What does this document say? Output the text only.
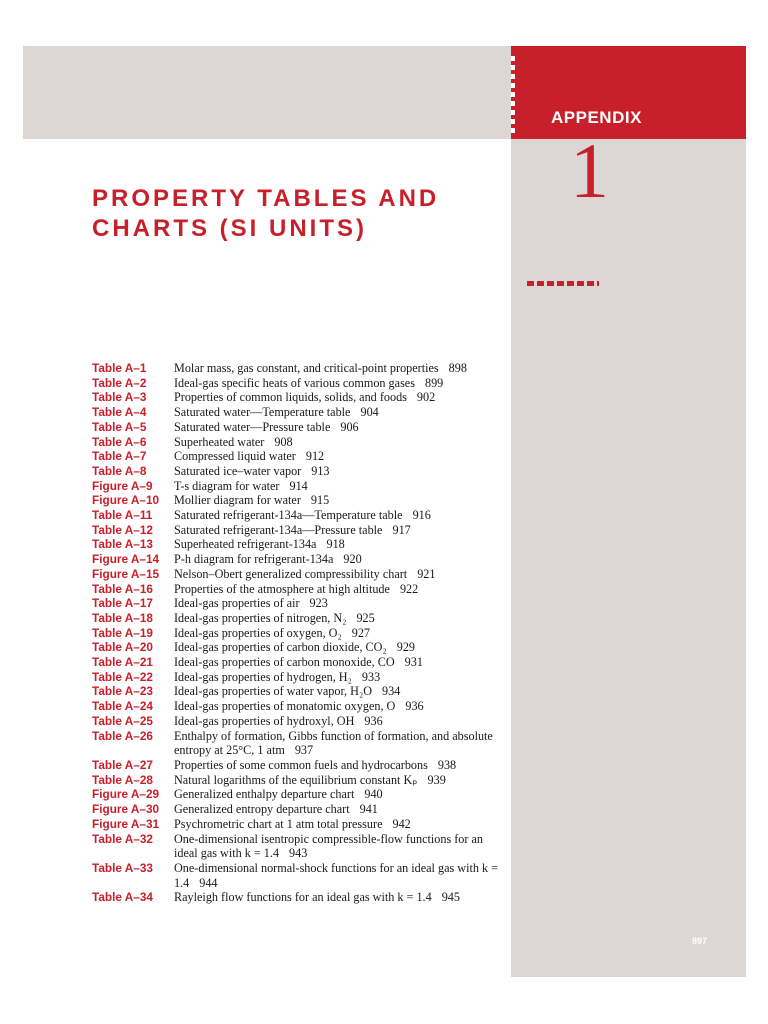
APPENDIX
1
PROPERTY TABLES AND
CHARTS (SI UNITS)
Table A–1	Molar mass, gas constant, and critical-point properties 898
Table A–2	Ideal-gas specific heats of various common gases 899
Table A–3	Properties of common liquids, solids, and foods 902
Table A–4	Saturated water—Temperature table 904
Table A–5	Saturated water—Pressure table 906
Table A–6	Superheated water 908
Table A–7	Compressed liquid water 912
Table A–8	Saturated ice–water vapor 913
Figure A–9	T-s diagram for water 914
Figure A–10	Mollier diagram for water 915
Table A–11	Saturated refrigerant-134a—Temperature table 916
Table A–12	Saturated refrigerant-134a—Pressure table 917
Table A–13	Superheated refrigerant-134a 918
Figure A–14	P-h diagram for refrigerant-134a 920
Figure A–15	Nelson–Obert generalized compressibility chart 921
Table A–16	Properties of the atmosphere at high altitude 922
Table A–17	Ideal-gas properties of air 923
Table A–18	Ideal-gas properties of nitrogen, N₂ 925
Table A–19	Ideal-gas properties of oxygen, O₂ 927
Table A–20	Ideal-gas properties of carbon dioxide, CO₂ 929
Table A–21	Ideal-gas properties of carbon monoxide, CO 931
Table A–22	Ideal-gas properties of hydrogen, H₂ 933
Table A–23	Ideal-gas properties of water vapor, H₂O 934
Table A–24	Ideal-gas properties of monatomic oxygen, O 936
Table A–25	Ideal-gas properties of hydroxyl, OH 936
Table A–26	Enthalpy of formation, Gibbs function of formation, and absolute entropy at 25°C, 1 atm 937
Table A–27	Properties of some common fuels and hydrocarbons 938
Table A–28	Natural logarithms of the equilibrium constant Kₚ 939
Figure A–29	Generalized enthalpy departure chart 940
Figure A–30	Generalized entropy departure chart 941
Figure A–31	Psychrometric chart at 1 atm total pressure 942
Table A–32	One-dimensional isentropic compressible-flow functions for an ideal gas with k = 1.4 943
Table A–33	One-dimensional normal-shock functions for an ideal gas with k = 1.4 944
Table A–34	Rayleigh flow functions for an ideal gas with k = 1.4 945
897
